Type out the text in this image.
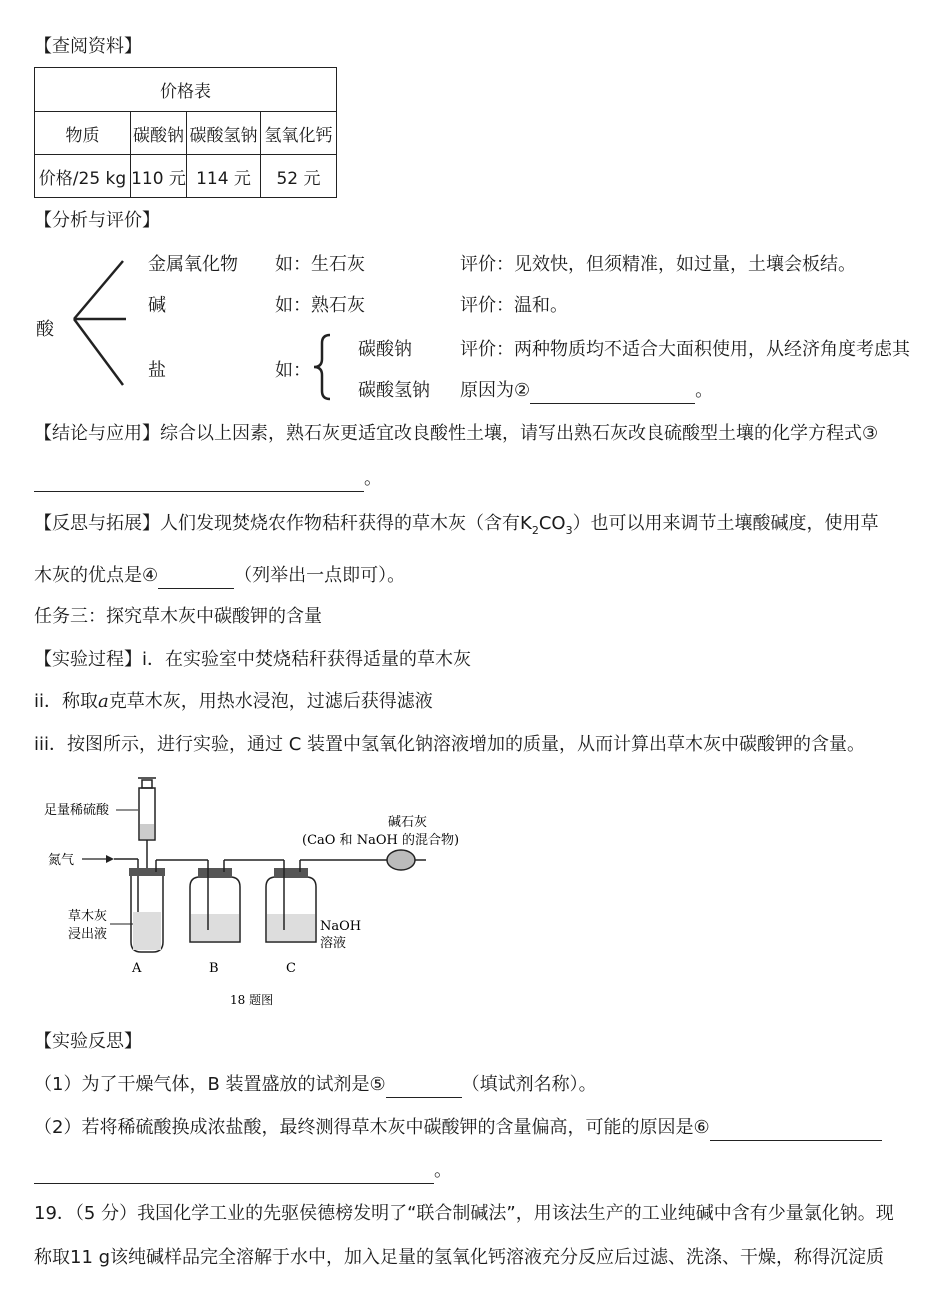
【查阅资料】
价格表			
物质	碳酸钠	碳酸氢钠	氢氧化钙
价格/25 kg	110 元	114 元	52 元
【分析与评价】
酸
金属氧化物 如：生石灰	评价：见效快，但须精准，如过量，土壤会板结。
碱	如：熟石灰	评价：温和。
盐	如：
碳酸钠
碳酸氢钠
评价：两种物质均不适合大面积使用，从经济角度考虑其
原因为②	。
【结论与应用】综合以上因素，熟石灰更适宜改良酸性土壤，请写出熟石灰改良硫酸型土壤的化学方程式③
。
【反思与拓展】人们发现焚烧农作物秸秆获得的草木灰（含有$K_2CO_3$）也可以用来调节土壤酸碱度，使用草
木灰的优点是④	（列举出一点即可）。
任务三：探究草木灰中碳酸钾的含量
【实验过程】i．在实验室中焚烧秸秆获得适量的草木灰
ii．称取a克草木灰，用热水浸泡，过滤后获得滤液
iii．按图所示，进行实验，通过 C 装置中氢氧化钠溶液增加的质量，从而计算出草木灰中碳酸钾的含量。
足量稀硫酸
氮气
草木灰
浸出液
NaOH
溶液
碱石灰
(CaO 和 NaOH 的混合物)
A	B	C
18 题图
【实验反思】
（1）为了干燥气体，B 装置盛放的试剂是⑤	（填试剂名称）。
（2）若将稀硫酸换成浓盐酸，最终测得草木灰中碳酸钾的含量偏高，可能的原因是⑥
。
19．（5 分）我国化学工业的先驱侯德榜发明了“联合制碱法”，用该法生产的工业纯碱中含有少量氯化钠。现
称取11 g该纯碱样品完全溶解于水中，加入足量的氢氧化钙溶液充分反应后过滤、洗涤、干燥，称得沉淀质
